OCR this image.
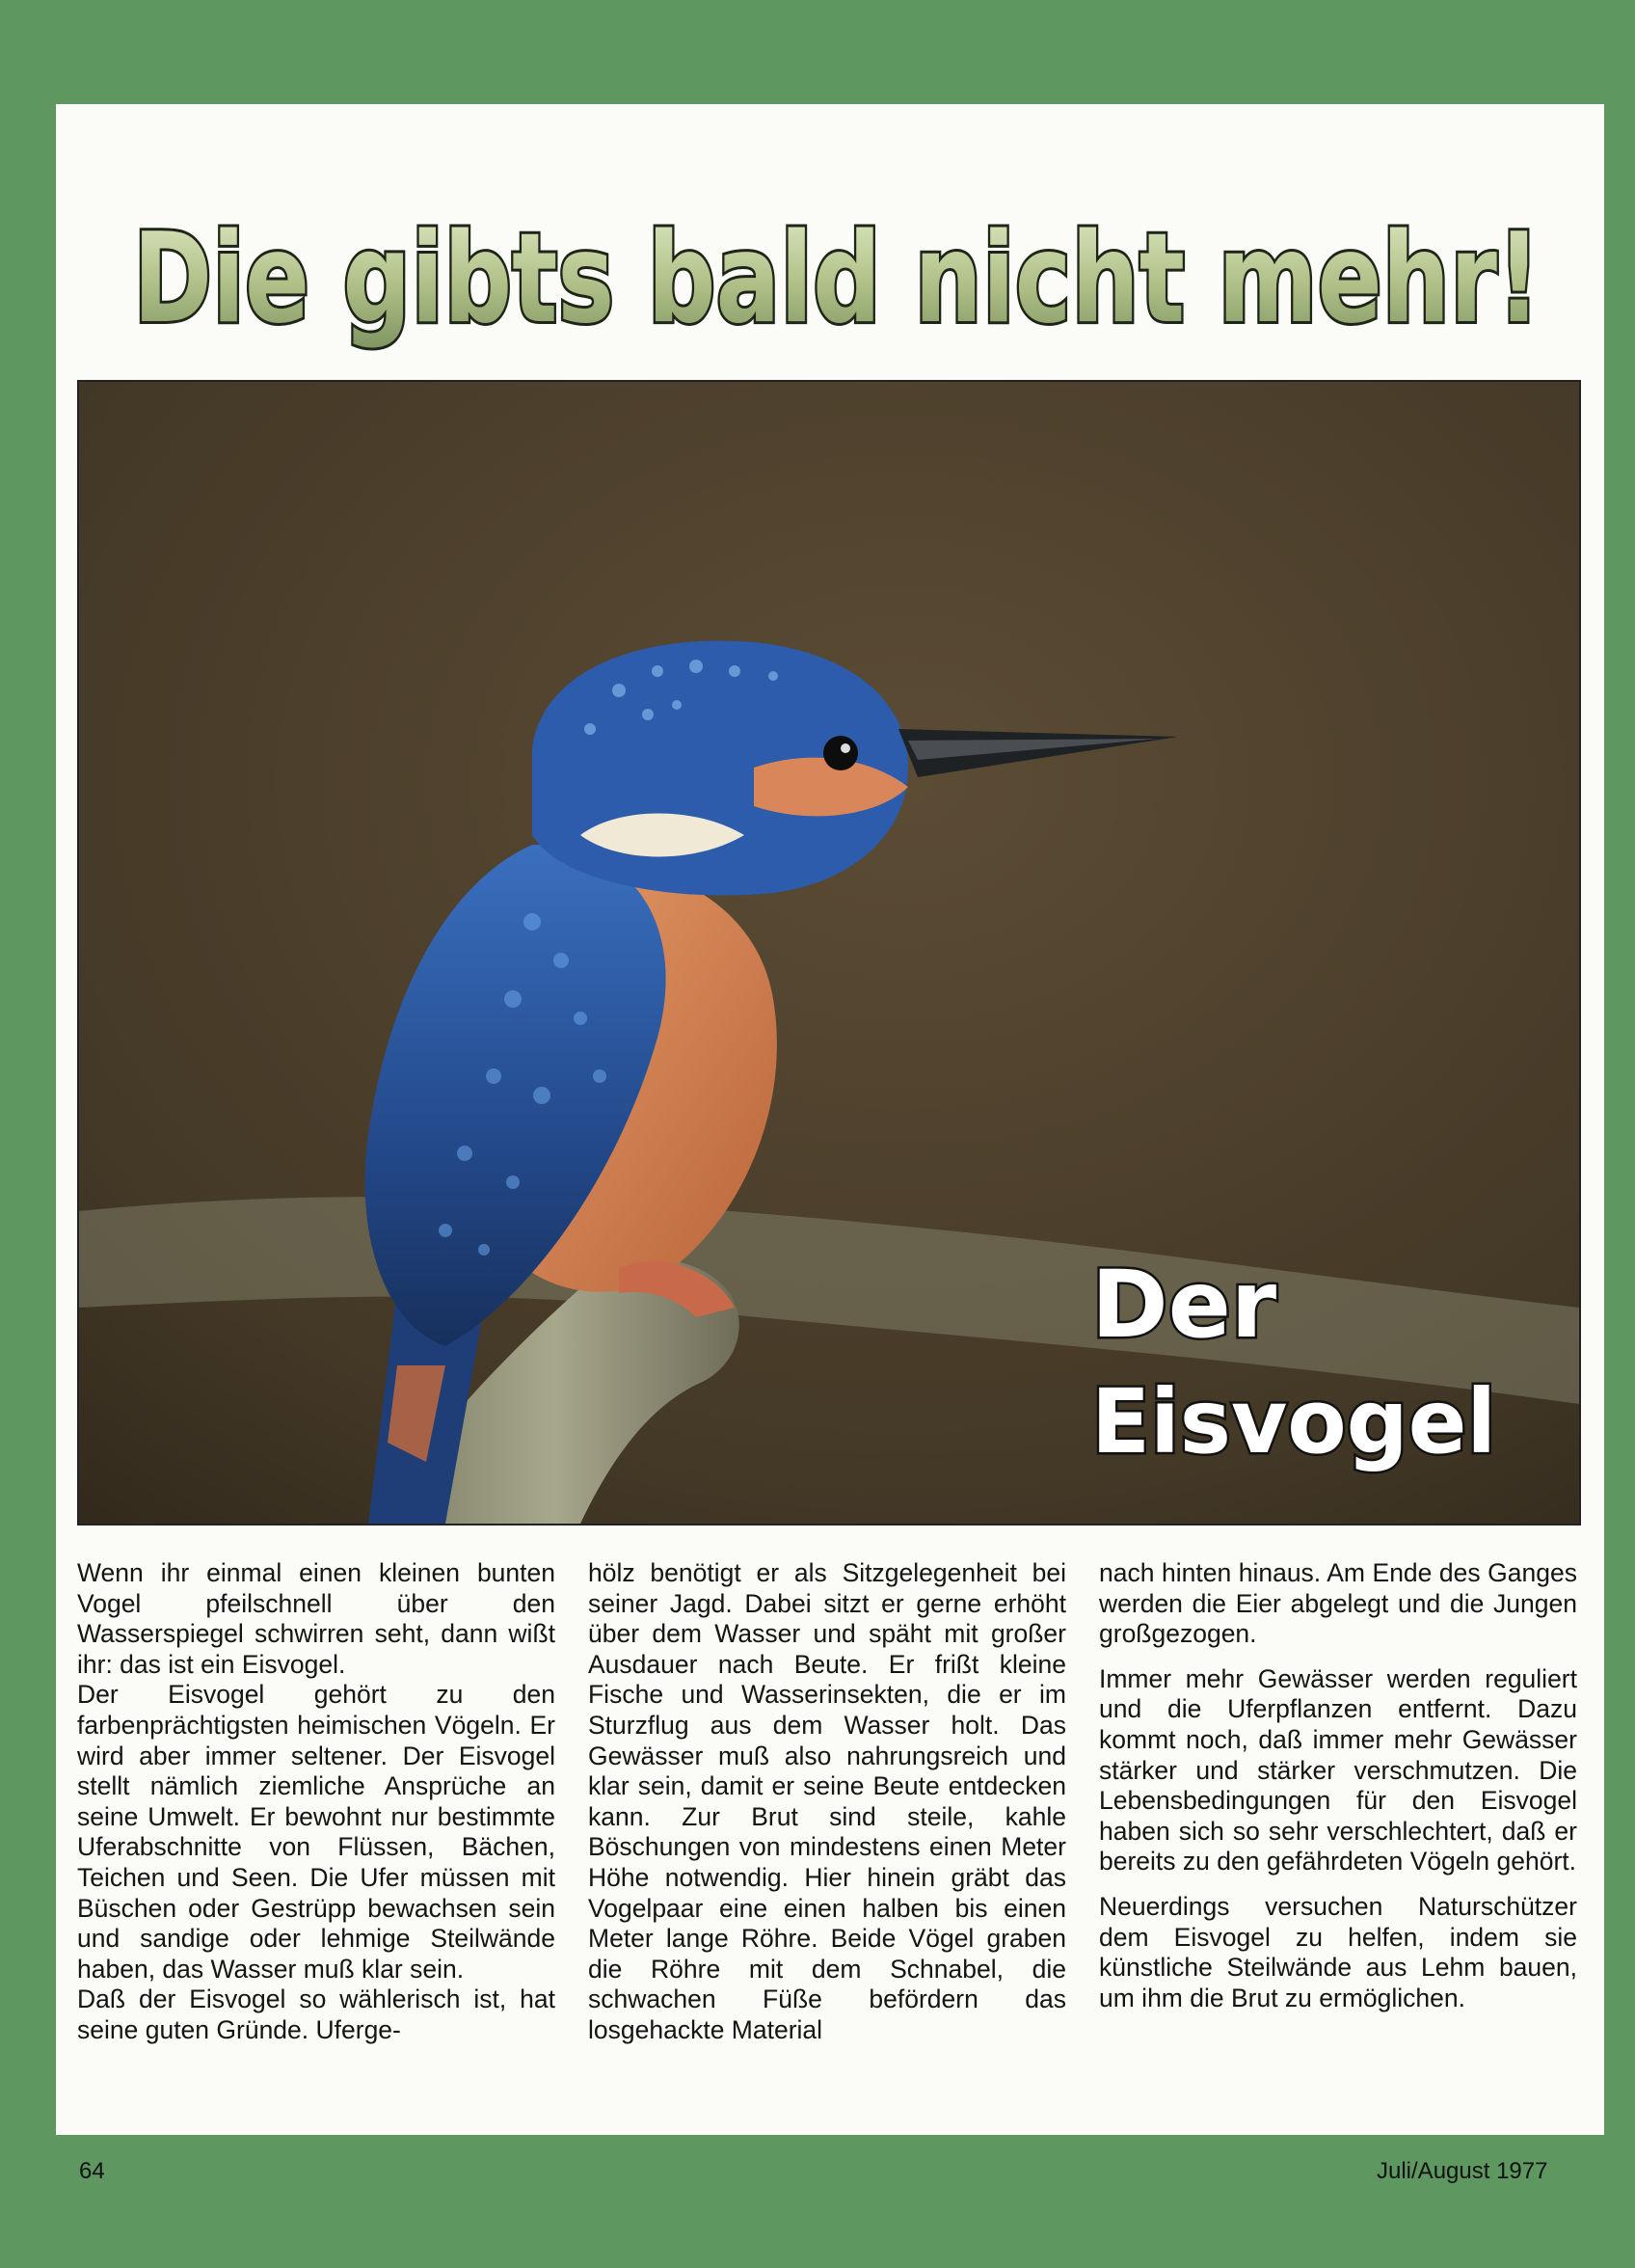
Die gibts bald nicht mehr!
Der
Eisvogel

Wenn ihr einmal einen kleinen bunten Vogel pfeilschnell über den Wasserspiegel schwirren seht, dann wißt ihr: das ist ein Eisvogel.

Der Eisvogel gehört zu den farbenprächtigsten heimischen Vögeln. Er wird aber immer seltener. Der Eisvogel stellt nämlich ziemliche Ansprüche an seine Umwelt. Er bewohnt nur bestimmte Uferabschnitte von Flüssen, Bächen, Teichen und Seen. Die Ufer müssen mit Büschen oder Gestrüpp bewachsen sein und sandige oder lehmige Steilwände haben, das Wasser muß klar sein.

Daß der Eisvogel so wählerisch ist, hat seine guten Gründe. Uferge-

hölz benötigt er als Sitzgelegenheit bei seiner Jagd. Dabei sitzt er gerne erhöht über dem Wasser und späht mit großer Ausdauer nach Beute. Er frißt kleine Fische und Wasserinsekten, die er im Sturzflug aus dem Wasser holt. Das Gewässer muß also nahrungsreich und klar sein, damit er seine Beute entdecken kann. Zur Brut sind steile, kahle Böschungen von mindestens einen Meter Höhe notwendig. Hier hinein gräbt das Vogelpaar eine einen halben bis einen Meter lange Röhre. Beide Vögel graben die Röhre mit dem Schnabel, die schwachen Füße befördern das losgehackte Material

nach hinten hinaus. Am Ende des Ganges werden die Eier abgelegt und die Jungen großgezogen.

Immer mehr Gewässer werden reguliert und die Uferpflanzen entfernt. Dazu kommt noch, daß immer mehr Gewässer stärker und stärker verschmutzen. Die Lebensbedingungen für den Eisvogel haben sich so sehr verschlechtert, daß er bereits zu den gefährdeten Vögeln gehört.

Neuerdings versuchen Naturschützer dem Eisvogel zu helfen, indem sie künstliche Steilwände aus Lehm bauen, um ihm die Brut zu ermöglichen.

64	Juli/August 1977
